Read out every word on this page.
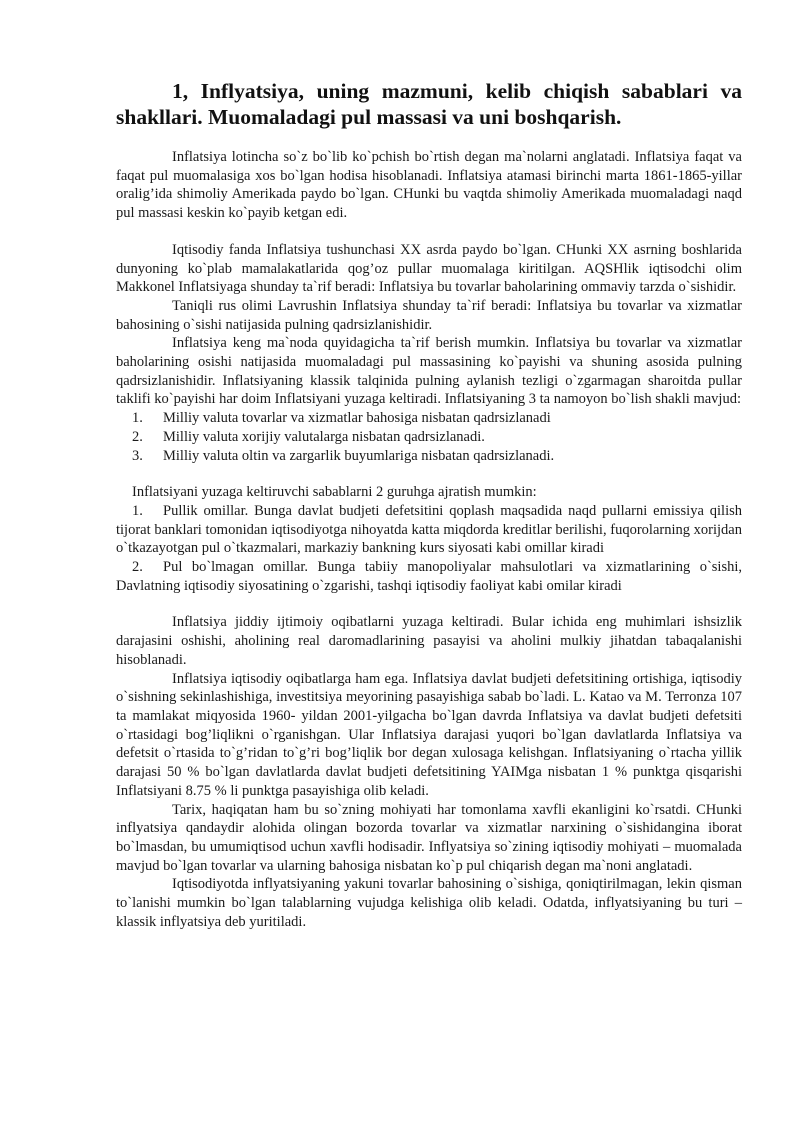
1, Inflyatsiya, uning mazmuni, kelib chiqish sabablari va shakllari. Muomaladagi pul massasi va uni boshqarish.

Inflatsiya lotincha so`z bo`lib ko`pchish bo`rtish degan ma`nolarni anglatadi. Inflatsiya faqat va faqat pul muomalasiga xos bo`lgan hodisa hisoblanadi. Inflatsiya atamasi birinchi marta 1861-1865-yillar oralig’ida shimoliy Amerikada paydo bo`lgan. CHunki bu vaqtda shimoliy Amerikada muomaladagi naqd pul massasi keskin ko`payib ketgan edi.

Iqtisodiy fanda Inflatsiya tushunchasi XX asrda paydo bo`lgan. CHunki XX asrning boshlarida dunyoning ko`plab mamalakatlarida qog’oz pullar muomalaga kiritilgan. AQSHlik iqtisodchi olim Makkonel Inflatsiyaga shunday ta`rif beradi: Inflatsiya bu tovarlar baholarining ommaviy tarzda o`sishidir.

Taniqli rus olimi Lavrushin Inflatsiya shunday ta`rif beradi: Inflatsiya bu tovarlar va xizmatlar bahosining o`sishi natijasida pulning qadrsizlanishidir.

Inflatsiya keng ma`noda quyidagicha ta`rif berish mumkin. Inflatsiya bu tovarlar va xizmatlar baholarining osishi natijasida muomaladagi pul massasining ko`payishi va shuning asosida pulning qadrsizlanishidir. Inflatsiyaning klassik talqinida pulning aylanish tezligi o`zgarmagan sharoitda pullar taklifi ko`payishi har doim Inflatsiyani yuzaga keltiradi. Inflatsiyaning 3 ta namoyon bo`lish shakli mavjud:

1. Milliy valuta tovarlar va xizmatlar bahosiga nisbatan qadrsizlanadi
2. Milliy valuta xorijiy valutalarga nisbatan qadrsizlanadi.
3. Milliy valuta oltin va zargarlik buyumlariga nisbatan qadrsizlanadi.

Inflatsiyani yuzaga keltiruvchi sabablarni 2 guruhga ajratish mumkin:

1. Pullik omillar. Bunga davlat budjeti defetsitini qoplash maqsadida naqd pullarni emissiya qilish tijorat banklari tomonidan iqtisodiyotga nihoyatda katta miqdorda kreditlar berilishi, fuqorolarning xorijdan o`tkazayotgan pul o`tkazmalari, markaziy bankning kurs siyosati kabi omillar kiradi
2. Pul bo`lmagan omillar. Bunga tabiiy manopoliyalar mahsulotlari va xizmatlarining o`sishi, Davlatning iqtisodiy siyosatining o`zgarishi, tashqi iqtisodiy faoliyat kabi omilar kiradi

Inflatsiya jiddiy ijtimoiy oqibatlarni yuzaga keltiradi. Bular ichida eng muhimlari ishsizlik darajasini oshishi, aholining real daromadlarining pasayisi va aholini mulkiy jihatdan tabaqalanishi hisoblanadi.

Inflatsiya iqtisodiy oqibatlarga ham ega. Inflatsiya davlat budjeti defetsitining ortishiga, iqtisodiy o`sishning sekinlashishiga, investitsiya meyorining pasayishiga sabab bo`ladi. L. Katao va M. Terronza 107 ta mamlakat miqyosida 1960- yildan 2001-yilgacha bo`lgan davrda Inflatsiya va davlat budjeti defetsiti o`rtasidagi bog’liqlikni o`rganishgan. Ular Inflatsiya darajasi yuqori bo`lgan davlatlarda Inflatsiya va defetsit o`rtasida to`g’ridan to`g’ri bog’liqlik bor degan xulosaga kelishgan. Inflatsiyaning o`rtacha yillik darajasi 50 % bo`lgan davlatlarda davlat budjeti defetsitining YAIMga nisbatan 1 % punktga qisqarishi Inflatsiyani 8.75 % li punktga pasayishiga olib keladi.

Tarix, haqiqatan ham bu so`zning mohiyati har tomonlama xavfli ekanligini ko`rsatdi. CHunki inflyatsiya qandaydir alohida olingan bozorda tovarlar va xizmatlar narxining o`sishidangina iborat bo`lmasdan, bu umumiqtisod uchun xavfli hodisadir. Inflyatsiya so`zining iqtisodiy mohiyati – muomalada mavjud bo`lgan tovarlar va ularning bahosiga nisbatan ko`p pul chiqarish degan ma`noni anglatadi.

Iqtisodiyotda inflyatsiyaning yakuni tovarlar bahosining o`sishiga, qoniqtirilmagan, lekin qisman to`lanishi mumkin bo`lgan talablarning vujudga kelishiga olib keladi. Odatda, inflyatsiyaning bu turi – klassik inflyatsiya deb yuritiladi.
